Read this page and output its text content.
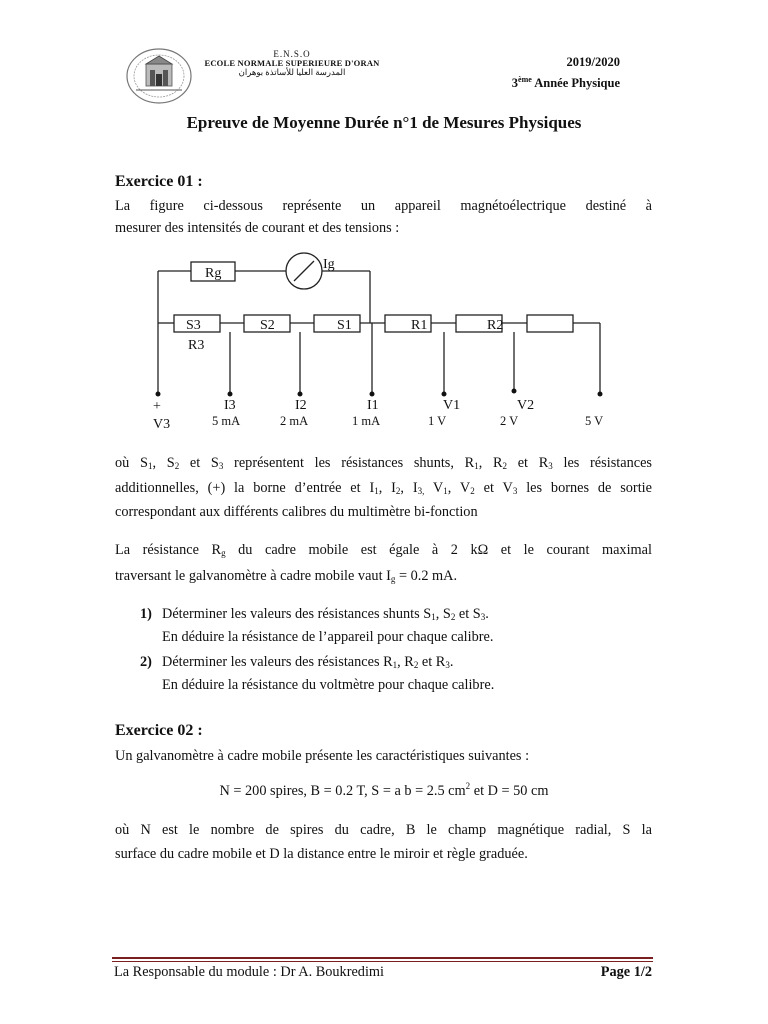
E.N.S.O
ECOLE NORMALE SUPERIEURE D'ORAN
المدرسة العليا للأساتذة بوهران
2019/2020
3ème Année Physique
Epreuve de Moyenne Durée n°1 de Mesures Physiques
Exercice 01 :
La figure ci-dessous représente un appareil magnétoélectrique destiné à
mesurer des intensités de courant et des tensions :
Rg
Ig
S3	S2	S1	R1	R2
R3
+
V3
I3	I2	I1	V1	V2
5 mA	2 mA	1 mA	1 V	2 V	5 V
où $S_1$, $S_2$ et $S_3$ représentent les résistances shunts, $R_1$, $R_2$ et $R_3$ les résistances
additionnelles, (+) la borne d’entrée et $I_1$, $I_2$, $I_{3,}$ $V_1$, $V_2$ et $V_3$ les bornes de sortie
correspondant aux différents calibres du multimètre bi-fonction
La résistance $R_g$ du cadre mobile est égale à 2 kΩ et le courant maximal
traversant le galvanomètre à cadre mobile vaut $I_g = 0.2$ mA.
1) Déterminer les valeurs des résistances shunts $S_1$, $S_2$ et $S_3$.
En déduire la résistance de l’appareil pour chaque calibre.
2) Déterminer les valeurs des résistances $R_1$, $R_2$ et $R_3$.
En déduire la résistance du voltmètre pour chaque calibre.
Exercice 02 :
Un galvanomètre à cadre mobile présente les caractéristiques suivantes :
N = 200 spires, B = 0.2 T, S = a b = 2.5 $cm^2$ et D = 50 cm
où N est le nombre de spires du cadre, B le champ magnétique radial, S la
surface du cadre mobile et D la distance entre le miroir et règle graduée.
La Responsable du module : Dr A. Boukredimi	Page 1/2
